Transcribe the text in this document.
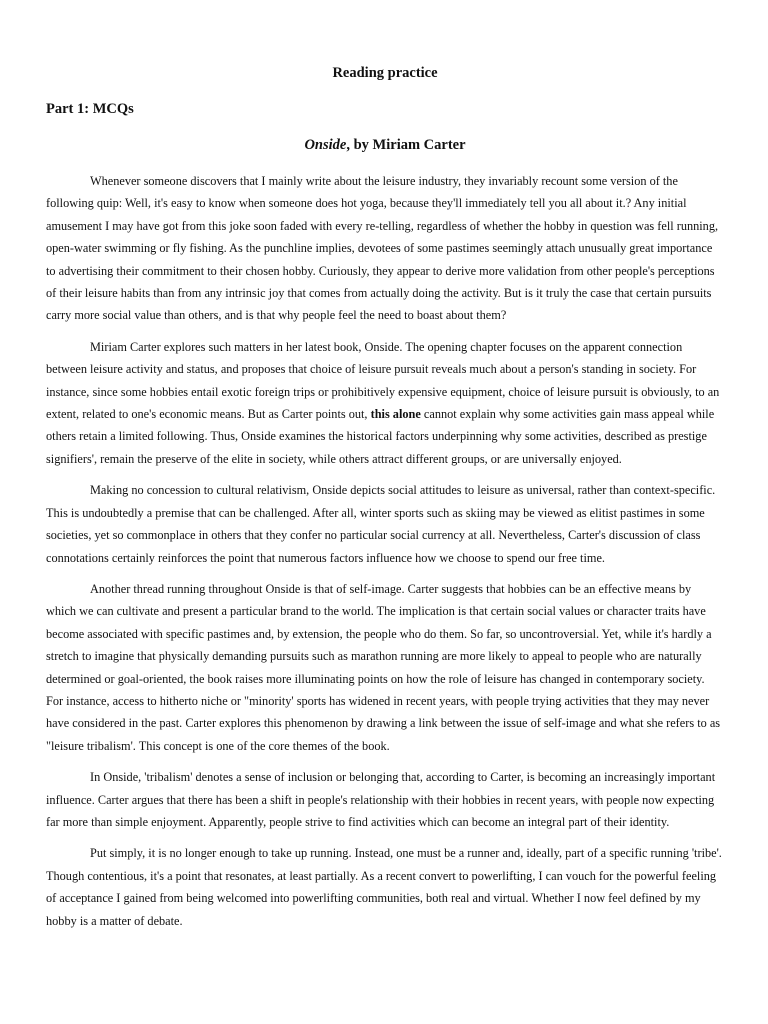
Reading practice
Part 1: MCQs
Onside, by Miriam Carter

Whenever someone discovers that I mainly write about the leisure industry, they invariably recount some version of the following quip: Well, it's easy to know when someone does hot yoga, because they'll immediately tell you all about it.? Any initial amusement I may have got from this joke soon faded with every re-telling, regardless of whether the hobby in question was fell running, open-water swimming or fly fishing. As the punchline implies, devotees of some pastimes seemingly attach unusually great importance to advertising their commitment to their chosen hobby. Curiously, they appear to derive more validation from other people's perceptions of their leisure habits than from any intrinsic joy that comes from actually doing the activity. But is it truly the case that certain pursuits carry more social value than others, and is that why people feel the need to boast about them?

Miriam Carter explores such matters in her latest book, Onside. The opening chapter focuses on the apparent connection between leisure activity and status, and proposes that choice of leisure pursuit reveals much about a person's standing in society. For instance, since some hobbies entail exotic foreign trips or prohibitively expensive equipment, choice of leisure pursuit is obviously, to an extent, related to one's economic means. But as Carter points out, this alone cannot explain why some activities gain mass appeal while others retain a limited following. Thus, Onside examines the historical factors underpinning why some activities, described as prestige signifiers', remain the preserve of the elite in society, while others attract different groups, or are universally enjoyed.

Making no concession to cultural relativism, Onside depicts social attitudes to leisure as universal, rather than context-specific. This is undoubtedly a premise that can be challenged. After all, winter sports such as skiing may be viewed as elitist pastimes in some societies, yet so commonplace in others that they confer no particular social currency at all. Nevertheless, Carter's discussion of class connotations certainly reinforces the point that numerous factors influence how we choose to spend our free time.

Another thread running throughout Onside is that of self-image. Carter suggests that hobbies can be an effective means by which we can cultivate and present a particular brand to the world. The implication is that certain social values or character traits have become associated with specific pastimes and, by extension, the people who do them. So far, so uncontroversial. Yet, while it's hardly a stretch to imagine that physically demanding pursuits such as marathon running are more likely to appeal to people who are naturally determined or goal-oriented, the book raises more illuminating points on how the role of leisure has changed in contemporary society. For instance, access to hitherto niche or "minority' sports has widened in recent years, with people trying activities that they may never have considered in the past. Carter explores this phenomenon by drawing a link between the issue of self-image and what she refers to as "leisure tribalism'. This concept is one of the core themes of the book.

In Onside, 'tribalism' denotes a sense of inclusion or belonging that, according to Carter, is becoming an increasingly important influence. Carter argues that there has been a shift in people's relationship with their hobbies in recent years, with people now expecting far more than simple enjoyment. Apparently, people strive to find activities which can become an integral part of their identity.

Put simply, it is no longer enough to take up running. Instead, one must be a runner and, ideally, part of a specific running 'tribe'. Though contentious, it's a point that resonates, at least partially. As a recent convert to powerlifting, I can vouch for the powerful feeling of acceptance I gained from being welcomed into powerlifting communities, both real and virtual. Whether I now feel defined by my hobby is a matter of debate.
